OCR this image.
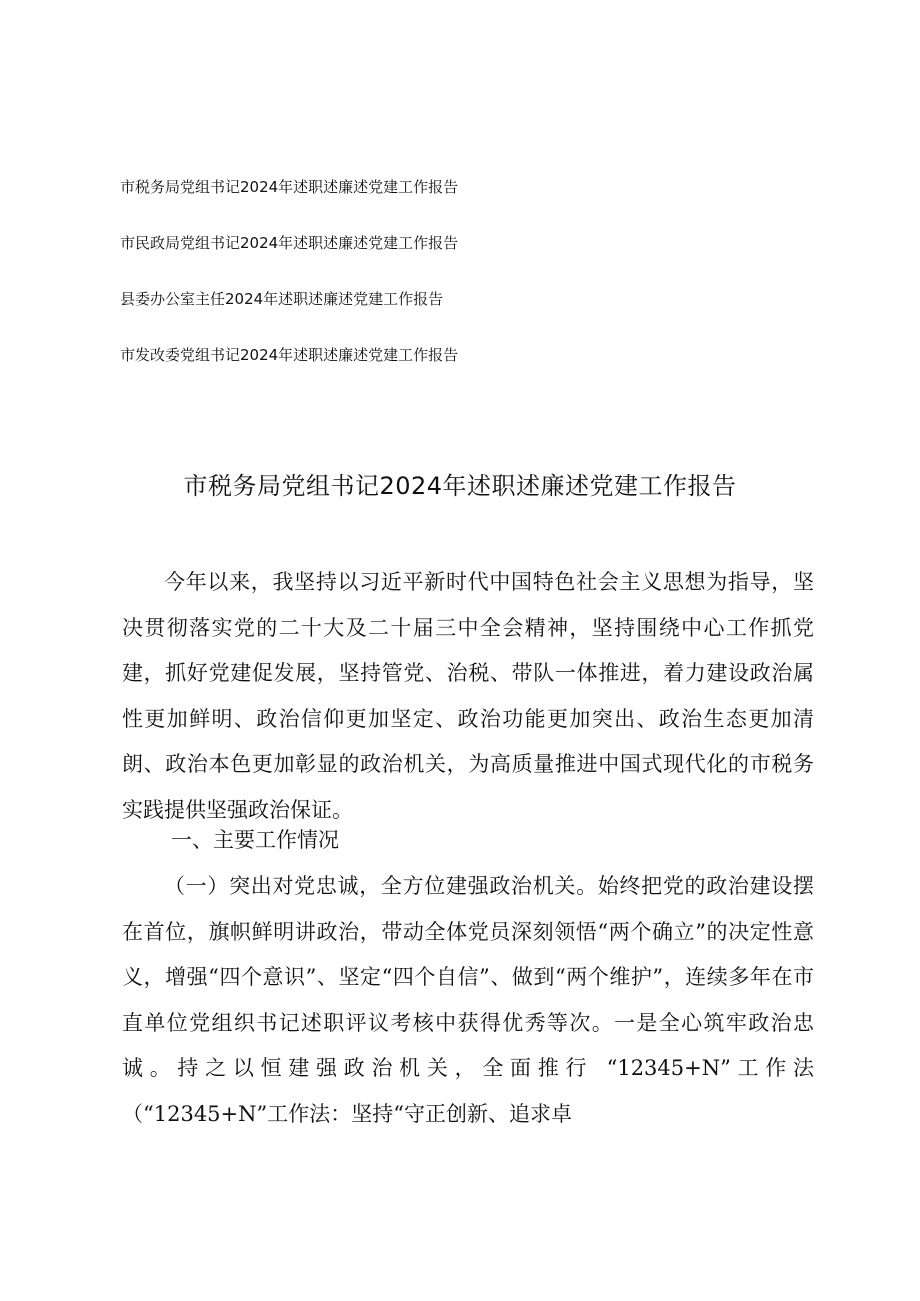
市税务局党组书记2024年述职述廉述党建工作报告
市民政局党组书记2024年述职述廉述党建工作报告
县委办公室主任2024年述职述廉述党建工作报告
市发改委党组书记2024年述职述廉述党建工作报告
市税务局党组书记2024年述职述廉述党建工作报告

今年以来，我坚持以习近平新时代中国特色社会主义思想为指导，坚决贯彻落实党的二十大及二十届三中全会精神，坚持围绕中心工作抓党建，抓好党建促发展，坚持管党、治税、带队一体推进，着力建设政治属性更加鲜明、政治信仰更加坚定、政治功能更加突出、政治生态更加清朗、政治本色更加彰显的政治机关，为高质量推进中国式现代化的市税务实践提供坚强政治保证。

一、主要工作情况

（一）突出对党忠诚，全方位建强政治机关。始终把党的政治建设摆在首位，旗帜鲜明讲政治，带动全体党员深刻领悟“两个确立”的决定性意义，增强“四个意识”、坚定“四个自信”、做到“两个维护”，连续多年在市直单位党组织书记述职评议考核中获得优秀等次。一是全心筑牢政治忠诚。持之以恒建强政治机关，全面推行 “12345+N”工作法（“12345+N”工作法：坚持“守正创新、追求卓
